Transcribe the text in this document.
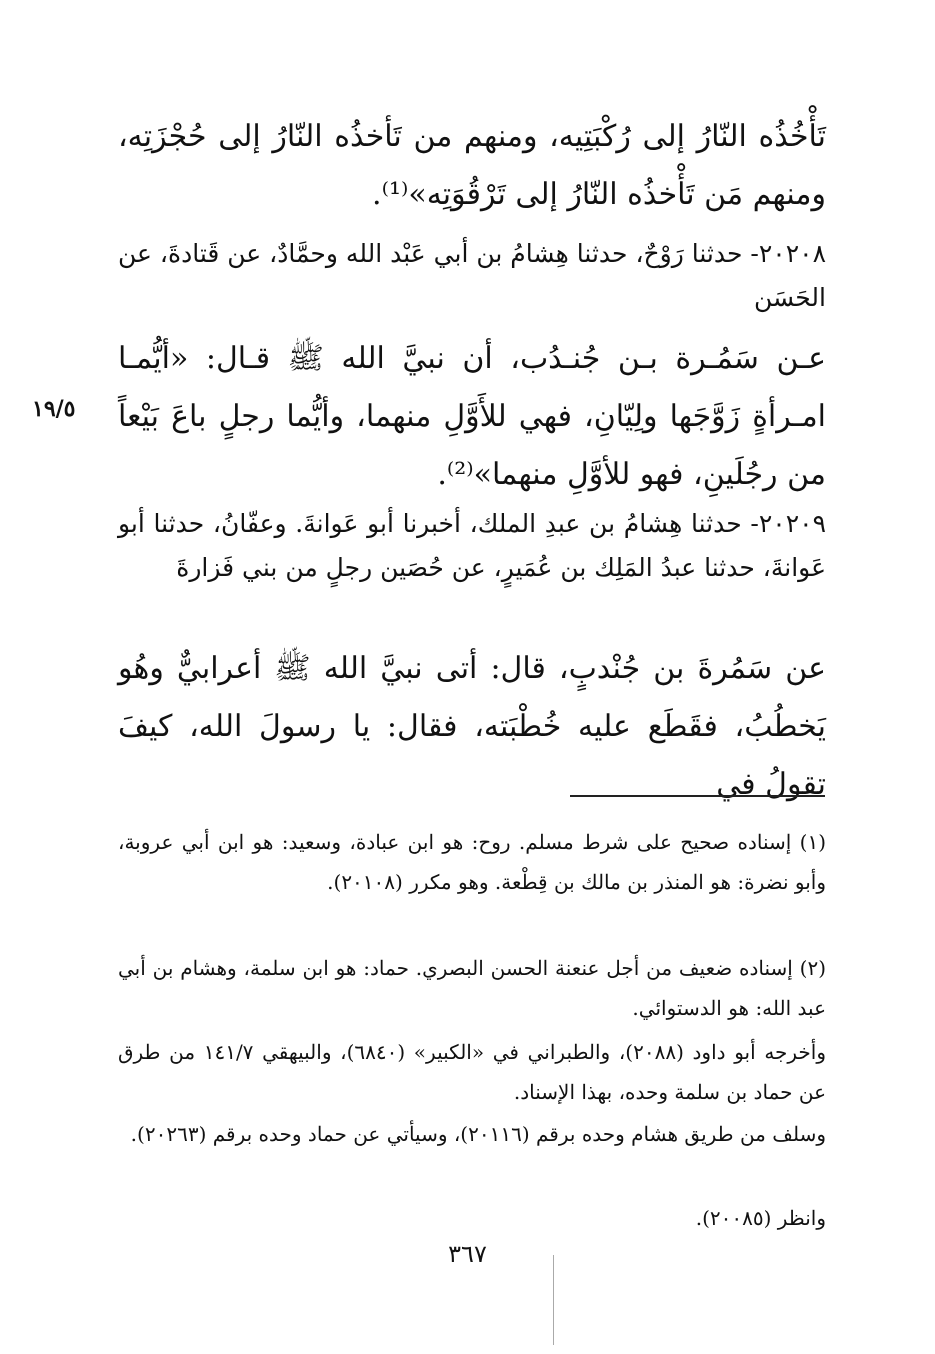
تَأْخُذُه النّارُ إلى رُكْبَتِيه، ومنهم من تَأخذُه النّارُ إلى حُجْزَتِه، ومنهم مَن تَأْخذُه النّارُ إلى تَرْقُوَتِه»⁽¹⁾.

٢٠٢٠٨- حدثنا رَوْحٌ، حدثنا هِشامُ بن أبي عَبْد الله وحمَّادٌ، عن قَتادةَ، عن الحَسَن

عـن سَمُـرة بـن جُنـدُب، أن نبيَّ الله ﷺ قـال: «أيُّمـا امـرأةٍ زَوَّجَها ولِيّانِ، فهي للأَوَّلِ منهما، وأيُّما رجلٍ باعَ بَيْعاً من رجُلَينِ، فهو للأوَّلِ منهما»⁽²⁾.

١٩/٥

٢٠٢٠٩- حدثنا هِشامُ بن عبدِ الملك، أخبرنا أبو عَوانةَ. وعفّانُ، حدثنا أبو عَوانةَ، حدثنا عبدُ المَلِك بن عُمَيرٍ، عن حُصَين رجلٍ من بني فَزارةَ

عن سَمُرةَ بن جُنْدبٍ، قال: أتى نبيَّ الله ﷺ أعرابيٌّ وهُو يَخطُبُ، فقَطَع عليه خُطْبَته، فقال: يا رسولَ الله، كيفَ تقولُ في

(١) إسناده صحيح على شرط مسلم. روح: هو ابن عبادة، وسعيد: هو ابن أبي عروبة، وأبو نضرة: هو المنذر بن مالك بن قِطْعة. وهو مكرر (٢٠١٠٨).

(٢) إسناده ضعيف من أجل عنعنة الحسن البصري. حماد: هو ابن سلمة، وهشام بن أبي عبد الله: هو الدستوائي.

وأخرجه أبو داود (٢٠٨٨)، والطبراني في «الكبير» (٦٨٤٠)، والبيهقي ١٤١/٧ من طرق عن حماد بن سلمة وحده، بهذا الإسناد.

وسلف من طريق هشام وحده برقم (٢٠١١٦)، وسيأتي عن حماد وحده برقم (٢٠٢٦٣).

وانظر (٢٠٠٨٥).

٣٦٧
